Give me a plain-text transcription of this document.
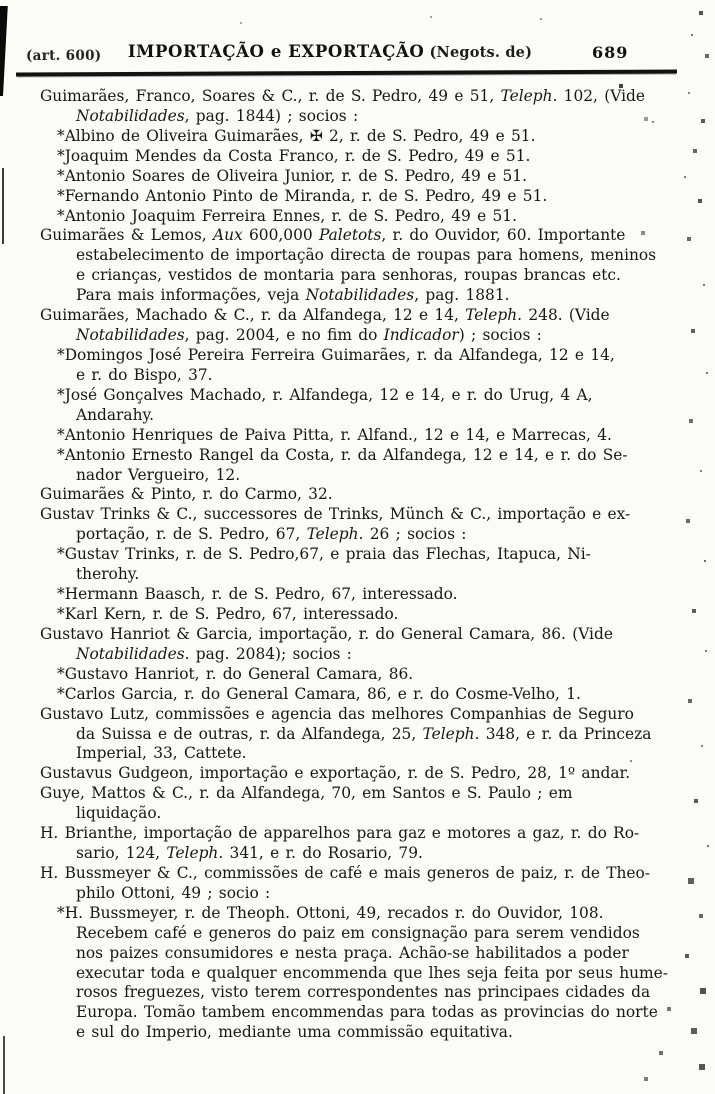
(art. 600)	IMPORTAÇÃO e EXPORTAÇÃO (Negots. de)	689
Guimarães, Franco, Soares & C., r. de S. Pedro, 49 e 51, Teleph. 102, (Vide
Notabilidades, pag. 1844) ; socios :
*Albino de Oliveira Guimarães, ✠ 2, r. de S. Pedro, 49 e 51.
*Joaquim Mendes da Costa Franco, r. de S. Pedro, 49 e 51.
*Antonio Soares de Oliveira Junior, r. de S. Pedro, 49 e 51.
*Fernando Antonio Pinto de Miranda, r. de S. Pedro, 49 e 51.
*Antonio Joaquim Ferreira Ennes, r. de S. Pedro, 49 e 51.
Guimarães & Lemos, Aux 600,000 Paletots, r. do Ouvidor, 60. Importante
estabelecimento de importação directa de roupas para homens, meninos
e crianças, vestidos de montaria para senhoras, roupas brancas etc.
Para mais informações, veja Notabilidades, pag. 1881.
Guimarães, Machado & C., r. da Alfandega, 12 e 14, Teleph. 248. (Vide
Notabilidades, pag. 2004, e no fim do Indicador) ; socios :
*Domingos José Pereira Ferreira Guimarães, r. da Alfandega, 12 e 14,
e r. do Bispo, 37.
*José Gonçalves Machado, r. Alfandega, 12 e 14, e r. do Urug, 4 A,
Andarahy.
*Antonio Henriques de Paiva Pitta, r. Alfand., 12 e 14, e Marrecas, 4.
*Antonio Ernesto Rangel da Costa, r. da Alfandega, 12 e 14, e r. do Se-
nador Vergueiro, 12.
Guimarães & Pinto, r. do Carmo, 32.
Gustav Trinks & C., successores de Trinks, Münch & C., importação e ex-
portação, r. de S. Pedro, 67, Teleph. 26 ; socios :
*Gustav Trinks, r. de S. Pedro,67, e praia das Flechas, Itapuca, Ni-
therohy.
*Hermann Baasch, r. de S. Pedro, 67, interessado.
*Karl Kern, r. de S. Pedro, 67, interessado.
Gustavo Hanriot & Garcia, importação, r. do General Camara, 86. (Vide
Notabilidades. pag. 2084); socios :
*Gustavo Hanriot, r. do General Camara, 86.
*Carlos Garcia, r. do General Camara, 86, e r. do Cosme-Velho, 1.
Gustavo Lutz, commissões e agencia das melhores Companhias de Seguro
da Suissa e de outras, r. da Alfandega, 25, Teleph. 348, e r. da Princeza
Imperial, 33, Cattete.
Gustavus Gudgeon, importação e exportação, r. de S. Pedro, 28, 1º andar.
Guye, Mattos & C., r. da Alfandega, 70, em Santos e S. Paulo ; em
liquidação.
H. Brianthe, importação de apparelhos para gaz e motores a gaz, r. do Ro-
sario, 124, Teleph. 341, e r. do Rosario, 79.
H. Bussmeyer & C., commissões de café e mais generos de paiz, r. de Theo-
philo Ottoni, 49 ; socio :
*H. Bussmeyer, r. de Theoph. Ottoni, 49, recados r. do Ouvidor, 108.
Recebem café e generos do paiz em consignação para serem vendidos
nos paizes consumidores e nesta praça. Achão-se habilitados a poder
executar toda e qualquer encommenda que lhes seja feita por seus hume-
rosos freguezes, visto terem correspondentes nas principaes cidades da
Europa. Tomão tambem encommendas para todas as provincias do norte
e sul do Imperio, mediante uma commissão equitativa.
